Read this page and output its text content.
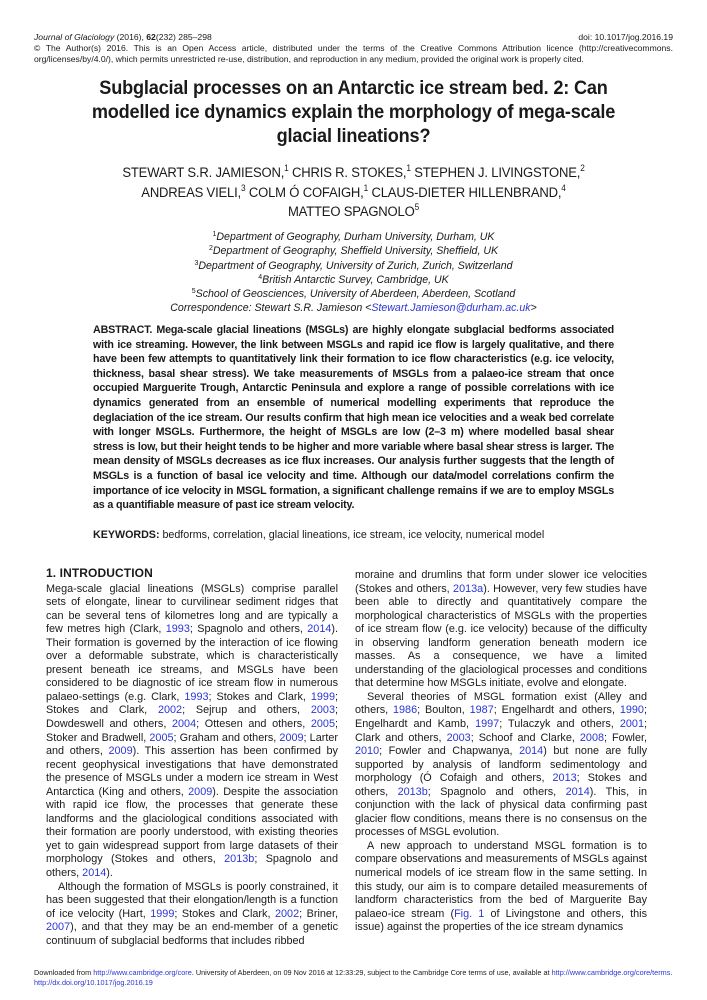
Journal of Glaciology (2016), 62(232) 285–298	doi: 10.1017/jog.2016.19
© The Author(s) 2016. This is an Open Access article, distributed under the terms of the Creative Commons Attribution licence (http://creativecommons.
org/licenses/by/4.0/), which permits unrestricted re-use, distribution, and reproduction in any medium, provided the original work is properly cited.
Subglacial processes on an Antarctic ice stream bed. 2: Can modelled ice dynamics explain the morphology of mega-scale glacial lineations?
STEWART S.R. JAMIESON,$^1$ CHRIS R. STOKES,$^1$ STEPHEN J. LIVINGSTONE,$^2$
ANDREAS VIELI,$^3$ COLM Ó COFAIGH,$^1$ CLAUS-DIETER HILLENBRAND,$^4$
MATTEO SPAGNOLO$^5$
$^1$Department of Geography, Durham University, Durham, UK
$^2$Department of Geography, Sheffield University, Sheffield, UK
$^3$Department of Geography, University of Zurich, Zurich, Switzerland
$^4$British Antarctic Survey, Cambridge, UK
$^5$School of Geosciences, University of Aberdeen, Aberdeen, Scotland
Correspondence: Stewart S.R. Jamieson <Stewart.Jamieson@durham.ac.uk>
ABSTRACT. Mega-scale glacial lineations (MSGLs) are highly elongate subglacial bedforms associated with ice streaming. However, the link between MSGLs and rapid ice flow is largely qualitative, and there have been few attempts to quantitatively link their formation to ice flow characteristics (e.g. ice velocity, thickness, basal shear stress). We take measurements of MSGLs from a palaeo-ice stream that once occupied Marguerite Trough, Antarctic Peninsula and explore a range of possible correlations with ice dynamics generated from an ensemble of numerical modelling experiments that reproduce the deglaciation of the ice stream. Our results confirm that high mean ice velocities and a weak bed correlate with longer MSGLs. Furthermore, the height of MSGLs are low (2–3 m) where modelled basal shear stress is low, but their height tends to be higher and more variable where basal shear stress is larger. The mean density of MSGLs decreases as ice flux increases. Our analysis further suggests that the length of MSGLs is a function of basal ice velocity and time. Although our data/model correlations confirm the importance of ice velocity in MSGL formation, a significant challenge remains if we are to employ MSGLs as a quantifiable measure of past ice stream velocity.
KEYWORDS: bedforms, correlation, glacial lineations, ice stream, ice velocity, numerical model
1. INTRODUCTION

Mega-scale glacial lineations (MSGLs) comprise parallel sets of elongate, linear to curvilinear sediment ridges that can be several tens of kilometres long and are typically a few metres high (Clark, 1993; Spagnolo and others, 2014). Their formation is governed by the interaction of ice flowing over a deformable substrate, which is characteristically present beneath ice streams, and MSGLs have been considered to be diagnostic of ice stream flow in numerous palaeo-settings (e.g. Clark, 1993; Stokes and Clark, 1999; Stokes and Clark, 2002; Sejrup and others, 2003; Dowdeswell and others, 2004; Ottesen and others, 2005; Stoker and Bradwell, 2005; Graham and others, 2009; Larter and others, 2009). This assertion has been confirmed by recent geophysical investigations that have demonstrated the presence of MSGLs under a modern ice stream in West Antarctica (King and others, 2009). Despite the association with rapid ice flow, the processes that generate these landforms and the glaciological conditions associated with their formation are poorly understood, with existing theories yet to gain widespread support from large datasets of their morphology (Stokes and others, 2013b; Spagnolo and others, 2014).

Although the formation of MSGLs is poorly constrained, it has been suggested that their elongation/length is a function of ice velocity (Hart, 1999; Stokes and Clark, 2002; Briner, 2007), and that they may be an end-member of a genetic continuum of subglacial bedforms that includes ribbed

moraine and drumlins that form under slower ice velocities (Stokes and others, 2013a). However, very few studies have been able to directly and quantitatively compare the morphological characteristics of MSGLs with the properties of ice stream flow (e.g. ice velocity) because of the difficulty in observing landform generation beneath modern ice masses. As a consequence, we have a limited understanding of the glaciological processes and conditions that determine how MSGLs initiate, evolve and elongate.

Several theories of MSGL formation exist (Alley and others, 1986; Boulton, 1987; Engelhardt and others, 1990; Engelhardt and Kamb, 1997; Tulaczyk and others, 2001; Clark and others, 2003; Schoof and Clarke, 2008; Fowler, 2010; Fowler and Chapwanya, 2014) but none are fully supported by analysis of landform sedimentology and morphology (Ó Cofaigh and others, 2013; Stokes and others, 2013b; Spagnolo and others, 2014). This, in conjunction with the lack of physical data confirming past glacier flow conditions, means there is no consensus on the processes of MSGL evolution.

A new approach to understand MSGL formation is to compare observations and measurements of MSGLs against numerical models of ice stream flow in the same setting. In this study, our aim is to compare detailed measurements of landform characteristics from the bed of Marguerite Bay palaeo-ice stream (Fig. 1 of Livingstone and others, this issue) against the properties of the ice stream dynamics

Downloaded from http://www.cambridge.org/core. University of Aberdeen, on 09 Nov 2016 at 12:33:29, subject to the Cambridge Core terms of use, available at http://www.cambridge.org/core/terms.
http://dx.doi.org/10.1017/jog.2016.19
